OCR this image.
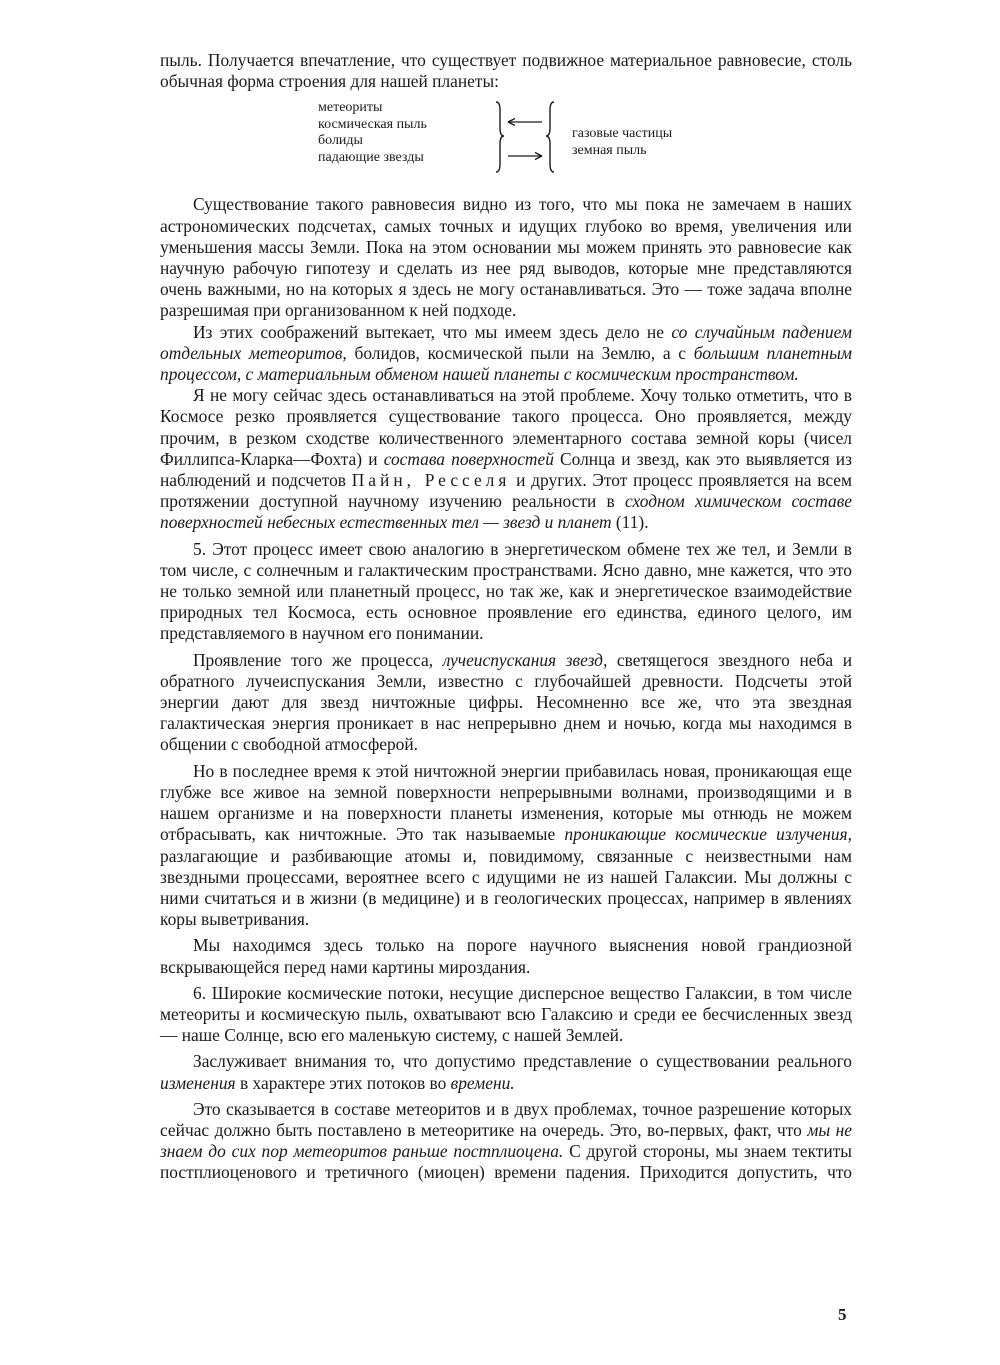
пыль. Получается впечатление, что существует подвижное материальное равновесие, столь обычная форма строения для нашей планеты:

метеориты
космическая пыль
болиды
падающие звезды
газовые частицы
земная пыль

Существование такого равновесия видно из того, что мы пока не замечаем в наших астрономических подсчетах, самых точных и идущих глубоко во время, увеличения или уменьшения массы Земли. Пока на этом основании мы можем принять это равновесие как научную рабочую гипотезу и сделать из нее ряд выводов, которые мне представляются очень важными, но на которых я здесь не могу останавливаться. Это — тоже задача вполне разрешимая при организованном к ней подходе.

Из этих соображений вытекает, что мы имеем здесь дело не со случайным падением отдельных метеоритов, болидов, космической пыли на Землю, а с большим планетным процессом, с материальным обменом нашей планеты с космическим пространством.

Я не могу сейчас здесь останавливаться на этой проблеме. Хочу только отметить, что в Космосе резко проявляется существование такого процесса. Оно проявляется, между прочим, в резком сходстве количественного элементарного состава земной коры (чисел Филлипса-Кларка—Фохта) и состава поверхностей Солнца и звезд, как это выявляется из наблюдений и подсчетов Пайн, Ресселя и других. Этот процесс проявляется на всем протяжении доступной научному изучению реальности в сходном химическом составе поверхностей небесных естественных тел — звезд и планет (11).

5. Этот процесс имеет свою аналогию в энергетическом обмене тех же тел, и Земли в том числе, с солнечным и галактическим пространствами. Ясно давно, мне кажется, что это не только земной или планетный процесс, но так же, как и энергетическое взаимодействие природных тел Космоса, есть основное проявление его единства, единого целого, им представляемого в научном его понимании.

Проявление того же процесса, лучеиспускания звезд, светящегося звездного неба и обратного лучеиспускания Земли, известно с глубочайшей древности. Подсчеты этой энергии дают для звезд ничтожные цифры. Несомненно все же, что эта звездная галактическая энергия проникает в нас непрерывно днем и ночью, когда мы находимся в общении с свободной атмосферой.

Но в последнее время к этой ничтожной энергии прибавилась новая, проникающая еще глубже все живое на земной поверхности непрерывными волнами, производящими и в нашем организме и на поверхности планеты изменения, которые мы отнюдь не можем отбрасывать, как ничтожные. Это так называемые проникающие космические излучения, разлагающие и разбивающие атомы и, повидимому, связанные с неизвестными нам звездными процессами, вероятнее всего с идущими не из нашей Галаксии. Мы должны с ними считаться и в жизни (в медицине) и в геологических процессах, например в явлениях коры выветривания.

Мы находимся здесь только на пороге научного выяснения новой грандиозной вскрывающейся перед нами картины мироздания.

6. Широкие космические потоки, несущие дисперсное вещество Галаксии, в том числе метеориты и космическую пыль, охватывают всю Галаксию и среди ее бесчисленных звезд — наше Солнце, всю его маленькую систему, с нашей Землей.

Заслуживает внимания то, что допустимо представление о существовании реального изменения в характере этих потоков во времени.

Это сказывается в составе метеоритов и в двух проблемах, точное разрешение которых сейчас должно быть поставлено в метеоритике на очередь. Это, во-первых, факт, что мы не знаем до сих пор метеоритов раньше постплиоцена. С другой стороны, мы знаем тектиты постплиоценового и третичного (миоцен) времени падения. Приходится допустить, что

5
